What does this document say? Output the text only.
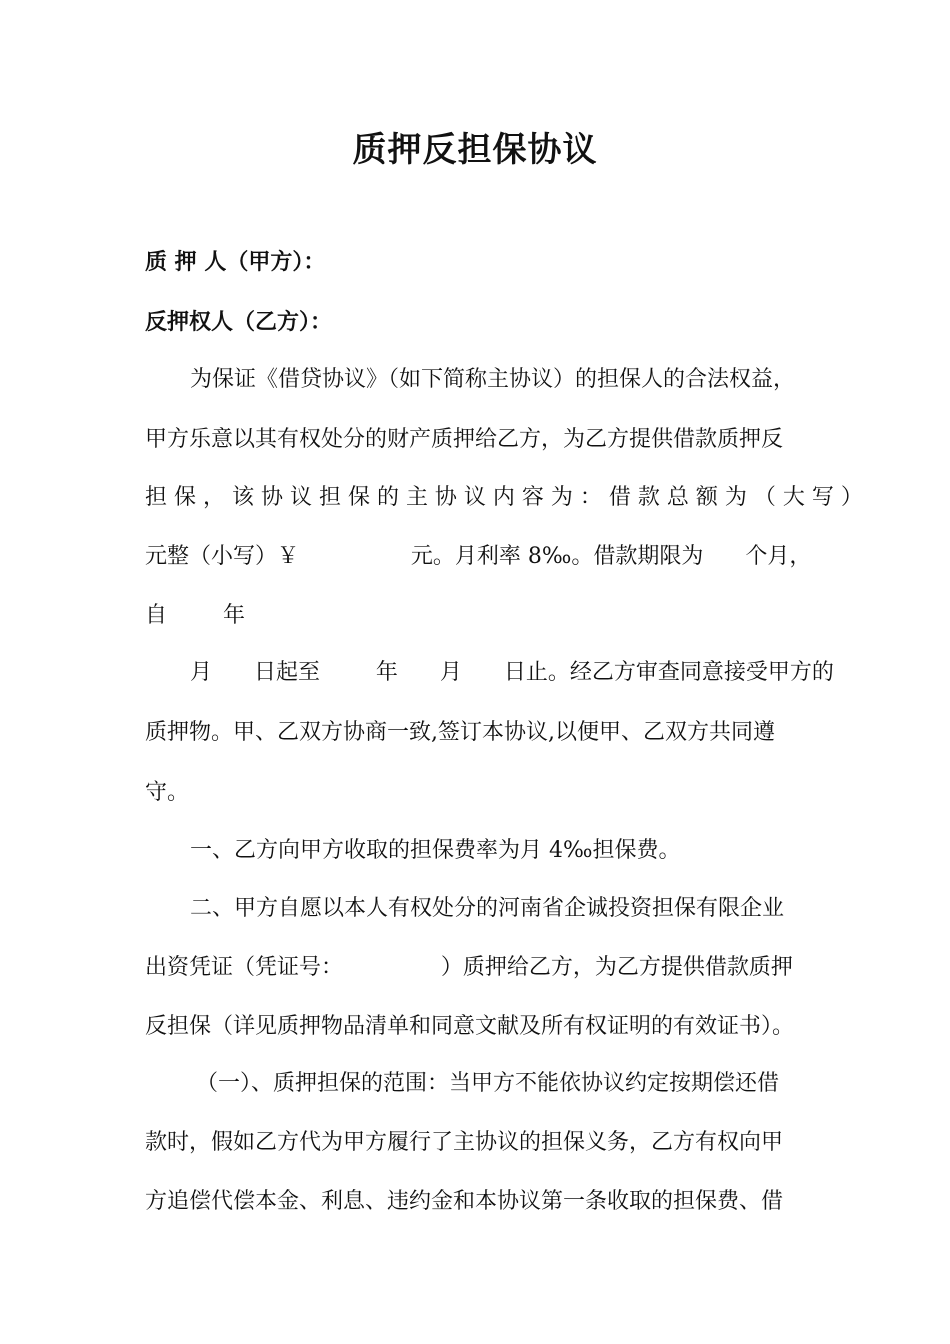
质押反担保协议
质 押 人（甲方）：
反押权人（乙方）：
为保证《借贷协议》（如下简称主协议）的担保人的合法权益，
甲方乐意以其有权处分的财产质押给乙方，为乙方提供借款质押反
担 保 ， 该 协 议 担 保 的 主 协 议 内 容 为 ： 借 款 总 额 为 （ 大 写 ）
元整（小写）￥                元。月利率 8‰。借款期限为      个月，
自        年
月      日起至        年      月      日止。经乙方审查同意接受甲方的
质押物。甲、乙双方协商一致,签订本协议,以便甲、乙双方共同遵
守。
一、乙方向甲方收取的担保费率为月 4‰担保费。
二、甲方自愿以本人有权处分的河南省企诚投资担保有限企业
出资凭证（凭证号：              ）质押给乙方，为乙方提供借款质押
反担保（详见质押物品清单和同意文献及所有权证明的有效证书）。
（一）、质押担保的范围：当甲方不能依协议约定按期偿还借
款时，假如乙方代为甲方履行了主协议的担保义务，乙方有权向甲
方追偿代偿本金、利息、违约金和本协议第一条收取的担保费、借
